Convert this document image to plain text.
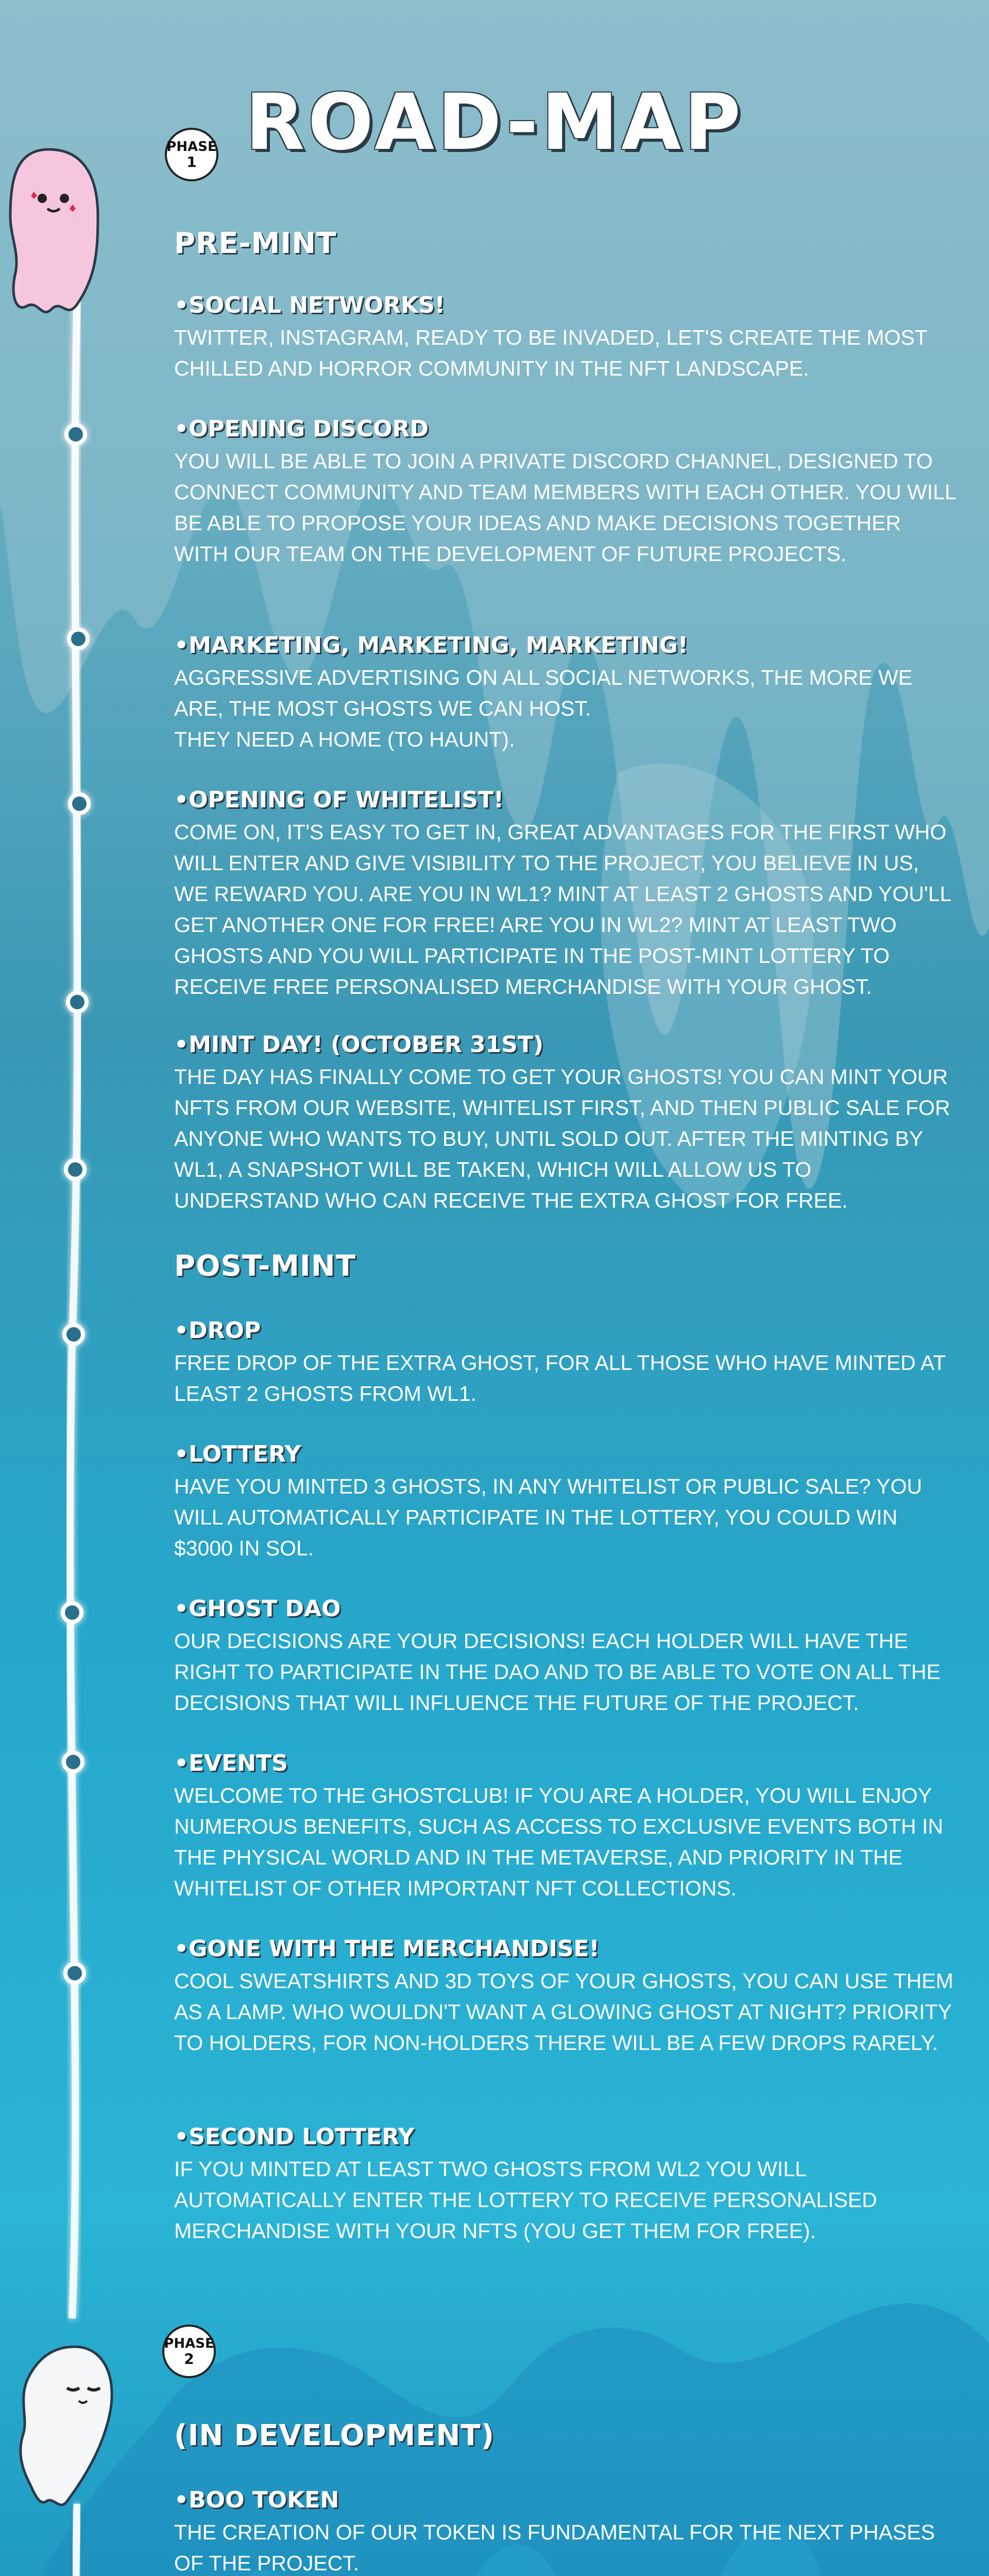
ROAD-MAP
PHASE
1
PHASE
2
PRE-MINT

•SOCIAL NETWORKS!

TWITTER, INSTAGRAM, READY TO BE INVADED, LET'S CREATE THE MOST CHILLED AND HORROR COMMUNITY IN THE NFT LANDSCAPE.

•OPENING DISCORD

YOU WILL BE ABLE TO JOIN A PRIVATE DISCORD CHANNEL, DESIGNED TO CONNECT COMMUNITY AND TEAM MEMBERS WITH EACH OTHER. YOU WILL BE ABLE TO PROPOSE YOUR IDEAS AND MAKE DECISIONS TOGETHER WITH OUR TEAM ON THE DEVELOPMENT OF FUTURE PROJECTS.

•MARKETING, MARKETING, MARKETING!

AGGRESSIVE ADVERTISING ON ALL SOCIAL NETWORKS, THE MORE WE ARE, THE MOST GHOSTS WE CAN HOST.
THEY NEED A HOME (TO HAUNT).

•OPENING OF WHITELIST!

COME ON, IT'S EASY TO GET IN, GREAT ADVANTAGES FOR THE FIRST WHO WILL ENTER AND GIVE VISIBILITY TO THE PROJECT, YOU BELIEVE IN US, WE REWARD YOU. ARE YOU IN WL1? MINT AT LEAST 2 GHOSTS AND YOU'LL GET ANOTHER ONE FOR FREE! ARE YOU IN WL2? MINT AT LEAST TWO GHOSTS AND YOU WILL PARTICIPATE IN THE POST-MINT LOTTERY TO RECEIVE FREE PERSONALISED MERCHANDISE WITH YOUR GHOST.

•MINT DAY! (OCTOBER 31ST)

THE DAY HAS FINALLY COME TO GET YOUR GHOSTS! YOU CAN MINT YOUR NFTS FROM OUR WEBSITE, WHITELIST FIRST, AND THEN PUBLIC SALE FOR ANYONE WHO WANTS TO BUY, UNTIL SOLD OUT. AFTER THE MINTING BY WL1, A SNAPSHOT WILL BE TAKEN, WHICH WILL ALLOW US TO UNDERSTAND WHO CAN RECEIVE THE EXTRA GHOST FOR FREE.

POST-MINT

•DROP

FREE DROP OF THE EXTRA GHOST, FOR ALL THOSE WHO HAVE MINTED AT LEAST 2 GHOSTS FROM WL1.

•LOTTERY

HAVE YOU MINTED 3 GHOSTS, IN ANY WHITELIST OR PUBLIC SALE? YOU WILL AUTOMATICALLY PARTICIPATE IN THE LOTTERY, YOU COULD WIN $3000 IN SOL.

•GHOST DAO

OUR DECISIONS ARE YOUR DECISIONS! EACH HOLDER WILL HAVE THE RIGHT TO PARTICIPATE IN THE DAO AND TO BE ABLE TO VOTE ON ALL THE DECISIONS THAT WILL INFLUENCE THE FUTURE OF THE PROJECT.

•EVENTS

WELCOME TO THE GHOSTCLUB! IF YOU ARE A HOLDER, YOU WILL ENJOY NUMEROUS BENEFITS, SUCH AS ACCESS TO EXCLUSIVE EVENTS BOTH IN THE PHYSICAL WORLD AND IN THE METAVERSE, AND PRIORITY IN THE WHITELIST OF OTHER IMPORTANT NFT COLLECTIONS.

•GONE WITH THE MERCHANDISE!

COOL SWEATSHIRTS AND 3D TOYS OF YOUR GHOSTS, YOU CAN USE THEM AS A LAMP. WHO WOULDN'T WANT A GLOWING GHOST AT NIGHT? PRIORITY TO HOLDERS, FOR NON-HOLDERS THERE WILL BE A FEW DROPS RARELY.

•SECOND LOTTERY

IF YOU MINTED AT LEAST TWO GHOSTS FROM WL2 YOU WILL AUTOMATICALLY ENTER THE LOTTERY TO RECEIVE PERSONALISED MERCHANDISE WITH YOUR NFTS (YOU GET THEM FOR FREE).

(IN DEVELOPMENT)

•BOO TOKEN

THE CREATION OF OUR TOKEN IS FUNDAMENTAL FOR THE NEXT PHASES OF THE PROJECT.
